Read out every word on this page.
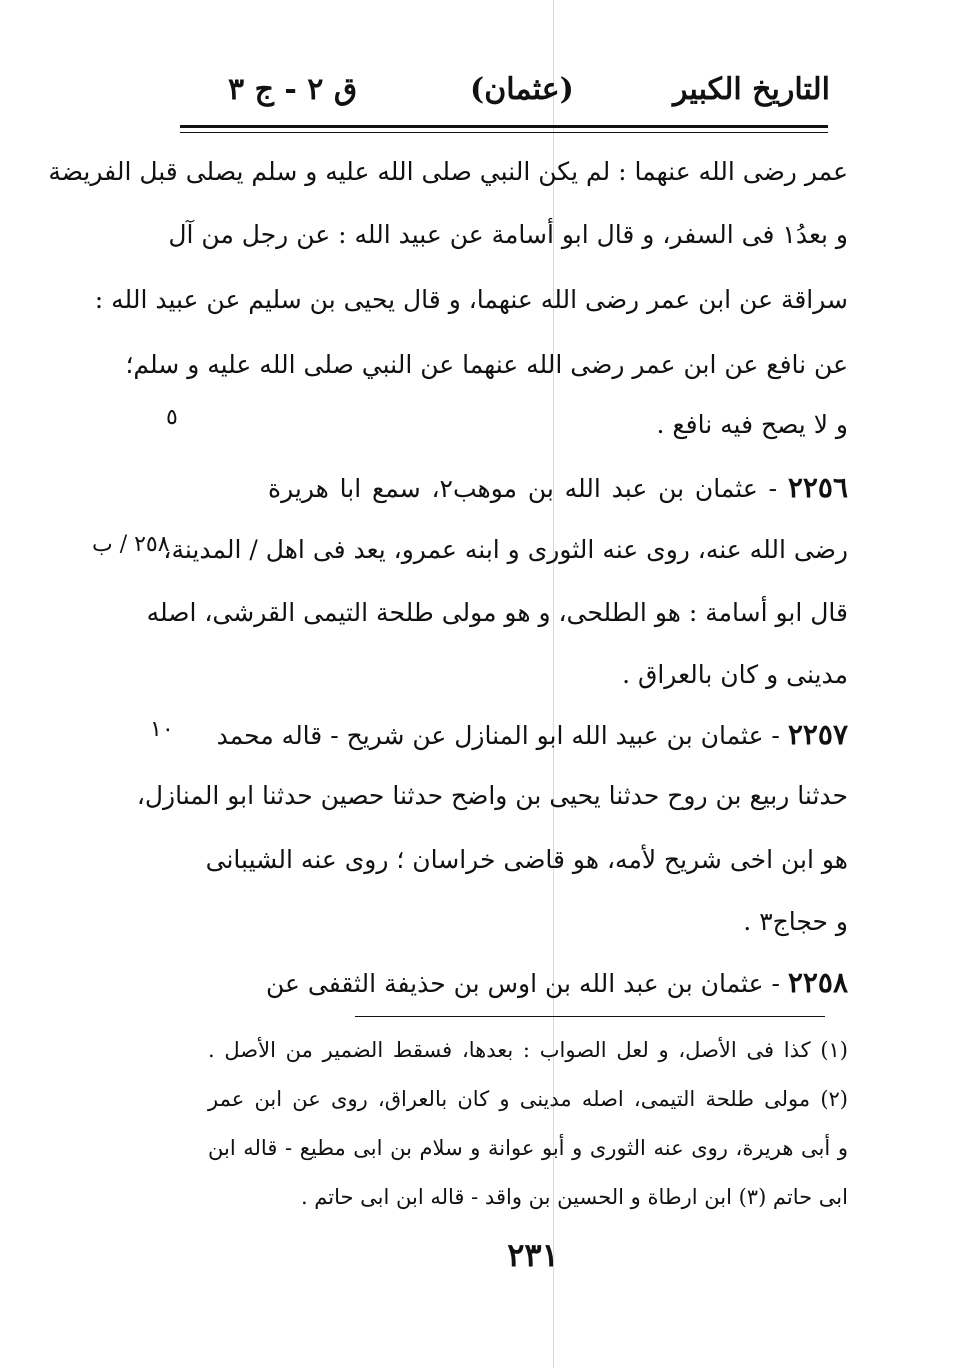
التاريخ الكبير
(عثمان)
ق ٢ - ج ٣
عمر رضى الله عنهما : لم يكن النبي صلى الله عليه و سلم يصلى قبل الفريضة
و بعدُ١ فى السفر، و قال ابو أسامة عن عبيد الله : عن رجل من آل
سراقة عن ابن عمر رضى الله عنهما، و قال يحيى بن سليم عن عبيد الله :
عن نافع عن ابن عمر رضى الله عنهما عن النبي صلى الله عليه و سلم؛
و لا يصح فيه نافع .
٥
٢٢٥٦ - عثمان بن عبد الله بن موهب٢، سمع ابا هريرة
رضى الله عنه، روى عنه الثورى و ابنه عمرو، يعد فى اهل / المدينة،
٢٥٨ / ب
قال ابو أسامة : هو الطلحى، و هو مولى طلحة التيمى القرشى، اصله
مدينى و كان بالعراق .
٢٢٥٧ - عثمان بن عبيد الله ابو المنازل عن شريح - قاله محمد
١٠
حدثنا ربيع بن روح حدثنا يحيى بن واضح حدثنا حصين حدثنا ابو المنازل،
هو ابن اخى شريح لأمه، هو قاضى خراسان ؛ روى عنه الشيبانى
و حجاج٣ .
٢٢٥٨ - عثمان بن عبد الله بن اوس بن حذيفة الثقفى عن
(١) كذا فى الأصل، و لعل الصواب : بعدها، فسقط الضمير من الأصل .
(٢) مولى طلحة التيمى، اصله مدينى و كان بالعراق، روى عن ابن عمر
و أبى هريرة، روى عنه الثورى و أبو عوانة و سلام بن ابى مطيع - قاله ابن
ابى حاتم (٣) ابن ارطاة و الحسين بن واقد - قاله ابن ابى حاتم .
٢٣١
